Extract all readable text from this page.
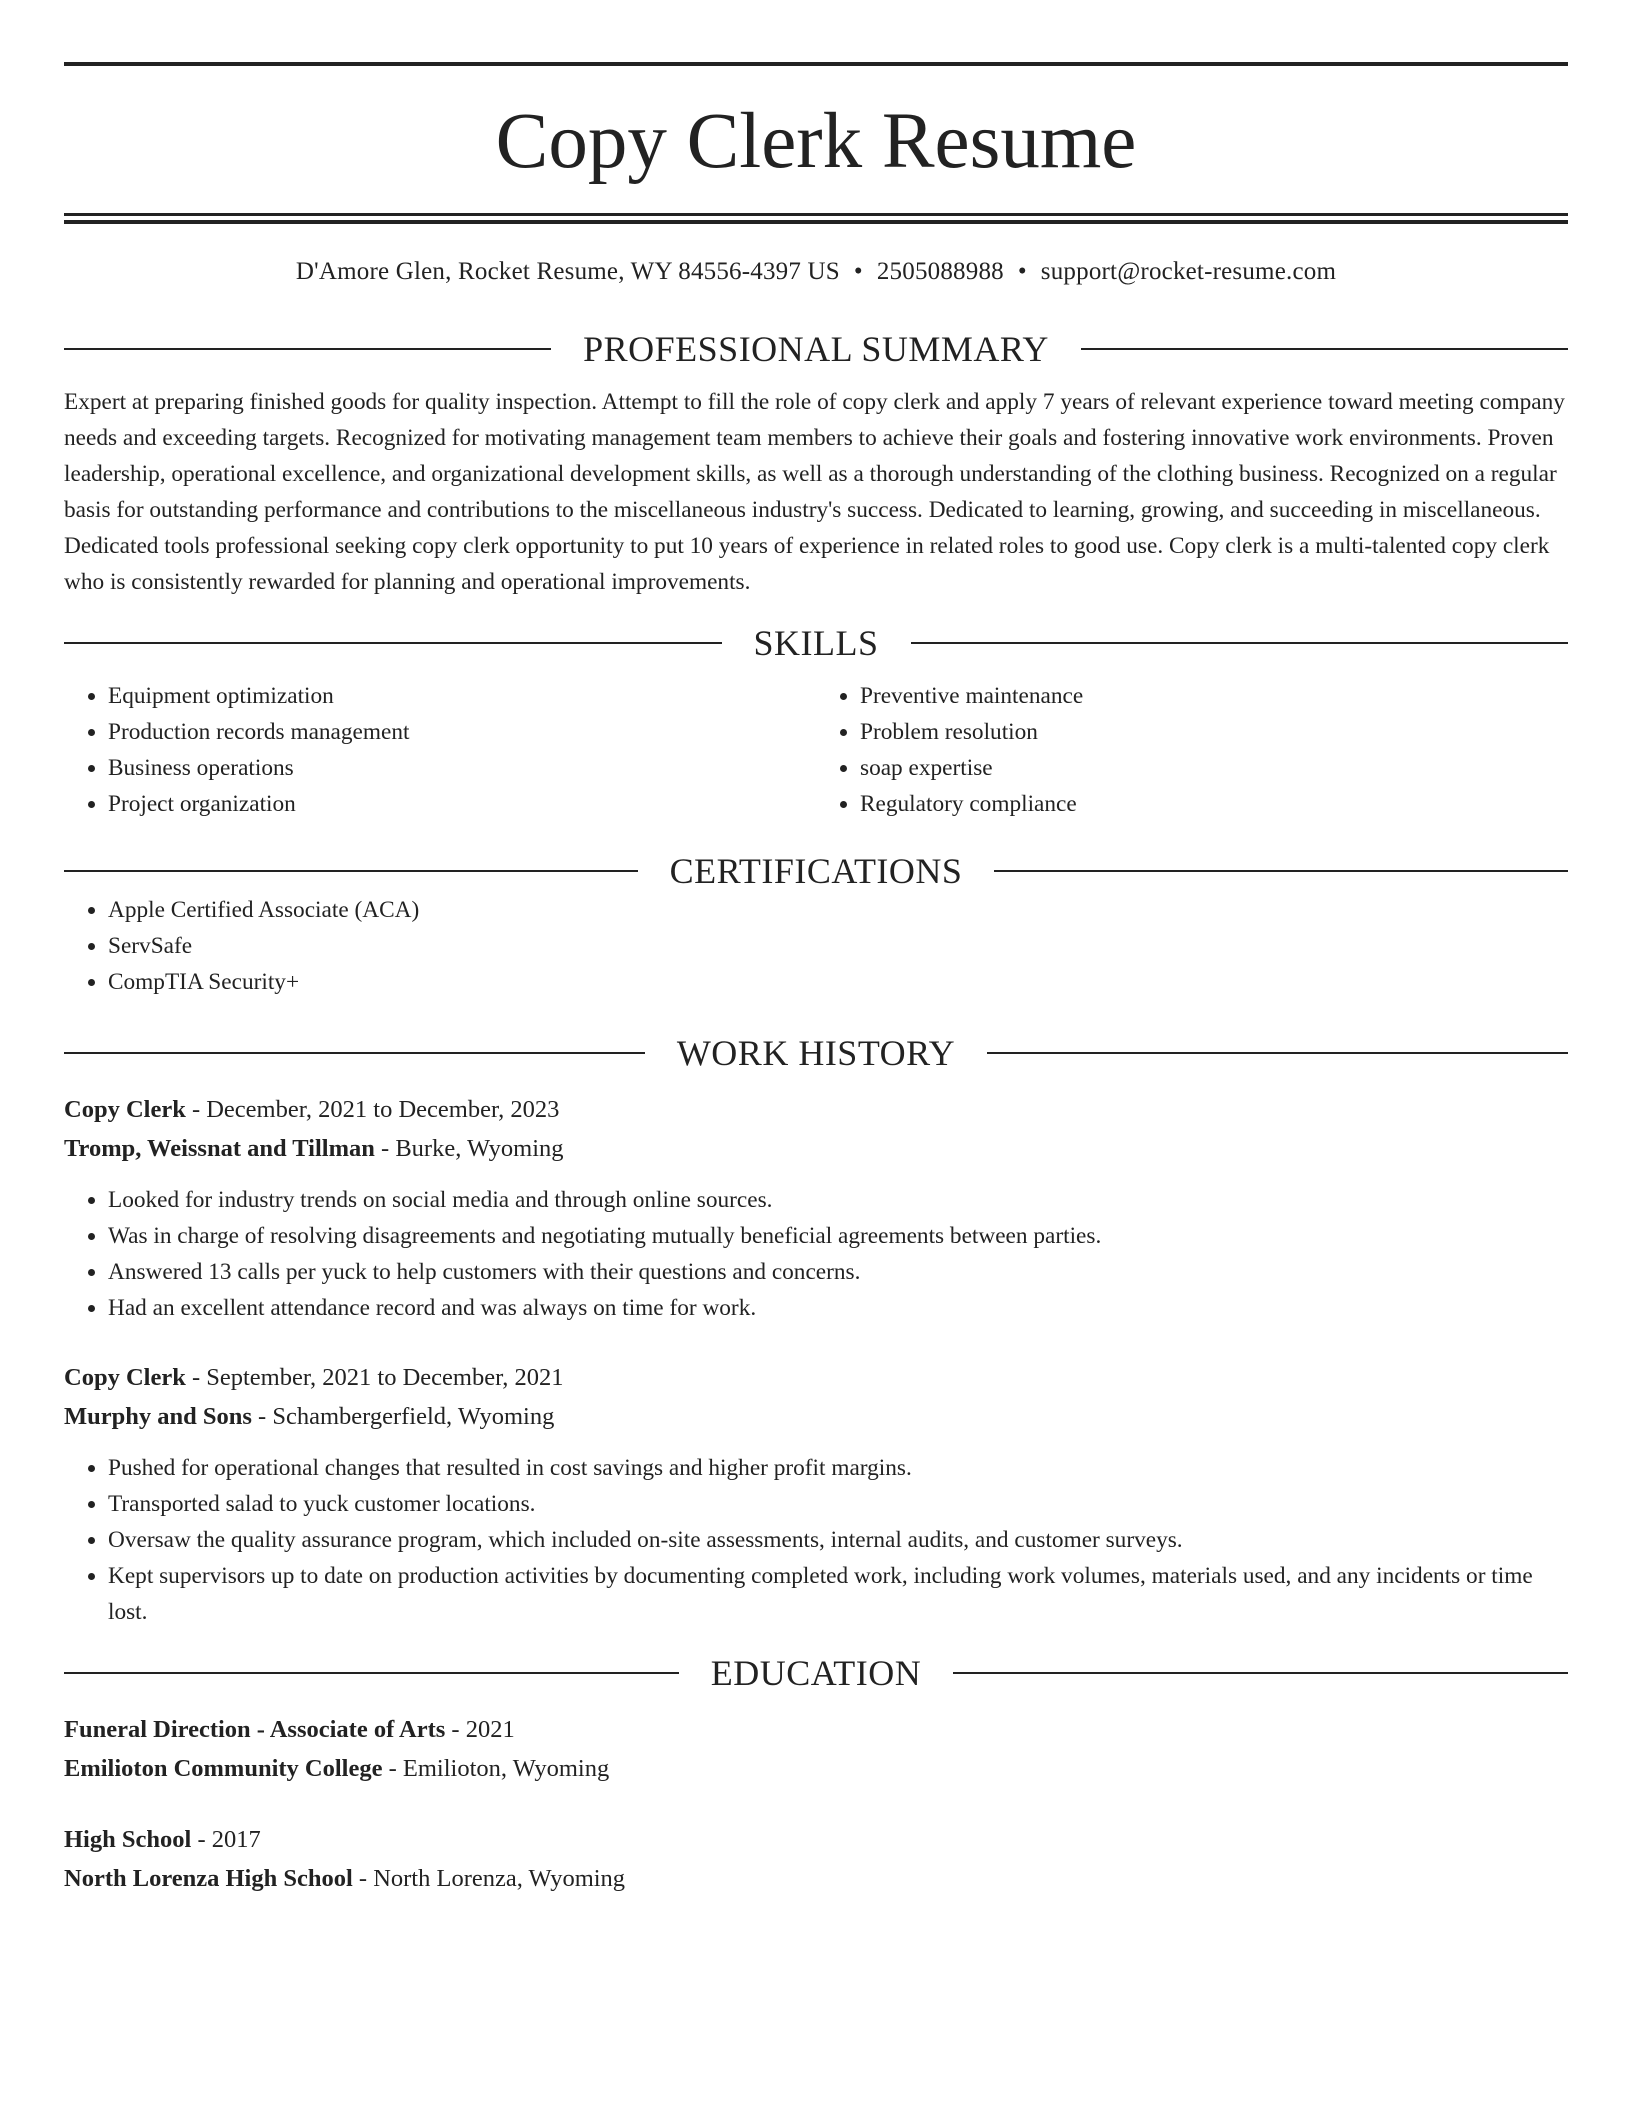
Copy Clerk Resume
D'Amore Glen, Rocket Resume, WY 84556-4397 US • 2505088988 • support@rocket-resume.com
PROFESSIONAL SUMMARY

Expert at preparing finished goods for quality inspection. Attempt to fill the role of copy clerk and apply 7 years of relevant experience toward meeting company needs and exceeding targets. Recognized for motivating management team members to achieve their goals and fostering innovative work environments. Proven leadership, operational excellence, and organizational development skills, as well as a thorough understanding of the clothing business. Recognized on a regular basis for outstanding performance and contributions to the miscellaneous industry's success. Dedicated to learning, growing, and succeeding in miscellaneous. Dedicated tools professional seeking copy clerk opportunity to put 10 years of experience in related roles to good use. Copy clerk is a multi-talented copy clerk who is consistently rewarded for planning and operational improvements.

SKILLS
• Equipment optimization
• Production records management
• Business operations
• Project organization
• Preventive maintenance
• Problem resolution
• soap expertise
• Regulatory compliance
CERTIFICATIONS
• Apple Certified Associate (ACA)
• ServSafe
• CompTIA Security+
WORK HISTORY
Copy Clerk - December, 2021 to December, 2023
Tromp, Weissnat and Tillman - Burke, Wyoming
• Looked for industry trends on social media and through online sources.
• Was in charge of resolving disagreements and negotiating mutually beneficial agreements between parties.
• Answered 13 calls per yuck to help customers with their questions and concerns.
• Had an excellent attendance record and was always on time for work.
Copy Clerk - September, 2021 to December, 2021
Murphy and Sons - Schambergerfield, Wyoming
• Pushed for operational changes that resulted in cost savings and higher profit margins.
• Transported salad to yuck customer locations.
• Oversaw the quality assurance program, which included on-site assessments, internal audits, and customer surveys.
• Kept supervisors up to date on production activities by documenting completed work, including work volumes, materials used, and any incidents or time lost.
EDUCATION
Funeral Direction - Associate of Arts - 2021
Emilioton Community College - Emilioton, Wyoming
High School - 2017
North Lorenza High School - North Lorenza, Wyoming
